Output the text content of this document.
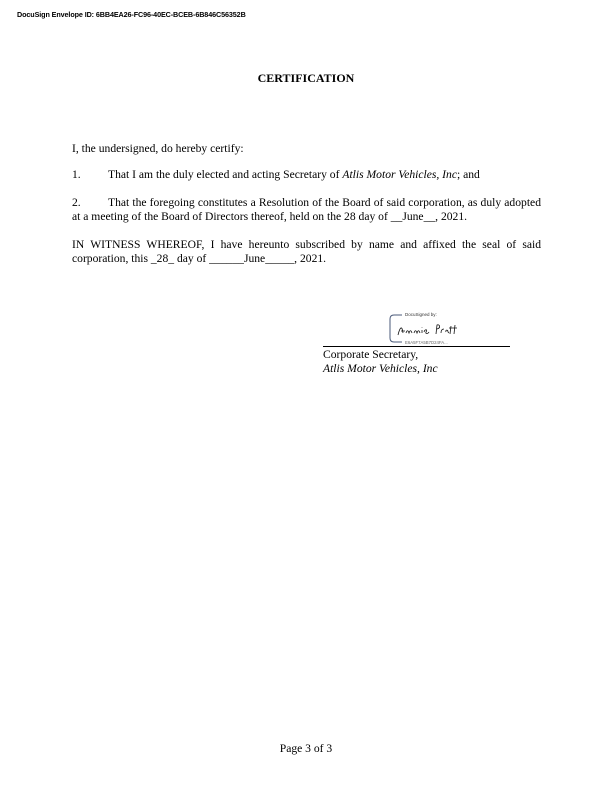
DocuSign Envelope ID: 6BB4EA26-FC96-40EC-BCEB-6B846C56352B
CERTIFICATION
I, the undersigned, do hereby certify:
1. That I am the duly elected and acting Secretary of Atlis Motor Vehicles, Inc; and
2. That the foregoing constitutes a Resolution of the Board of said corporation, as duly adopted at a meeting of the Board of Directors thereof, held on the 28 day of __June__, 2021.
IN WITNESS WHEREOF, I have hereunto subscribed by name and affixed the seal of said corporation, this _28_ day of ______June_____, 2021.
DocuSigned by:
E6A5F7A5B7D24FA...
Corporate Secretary,
Atlis Motor Vehicles, Inc
Page 3 of 3
